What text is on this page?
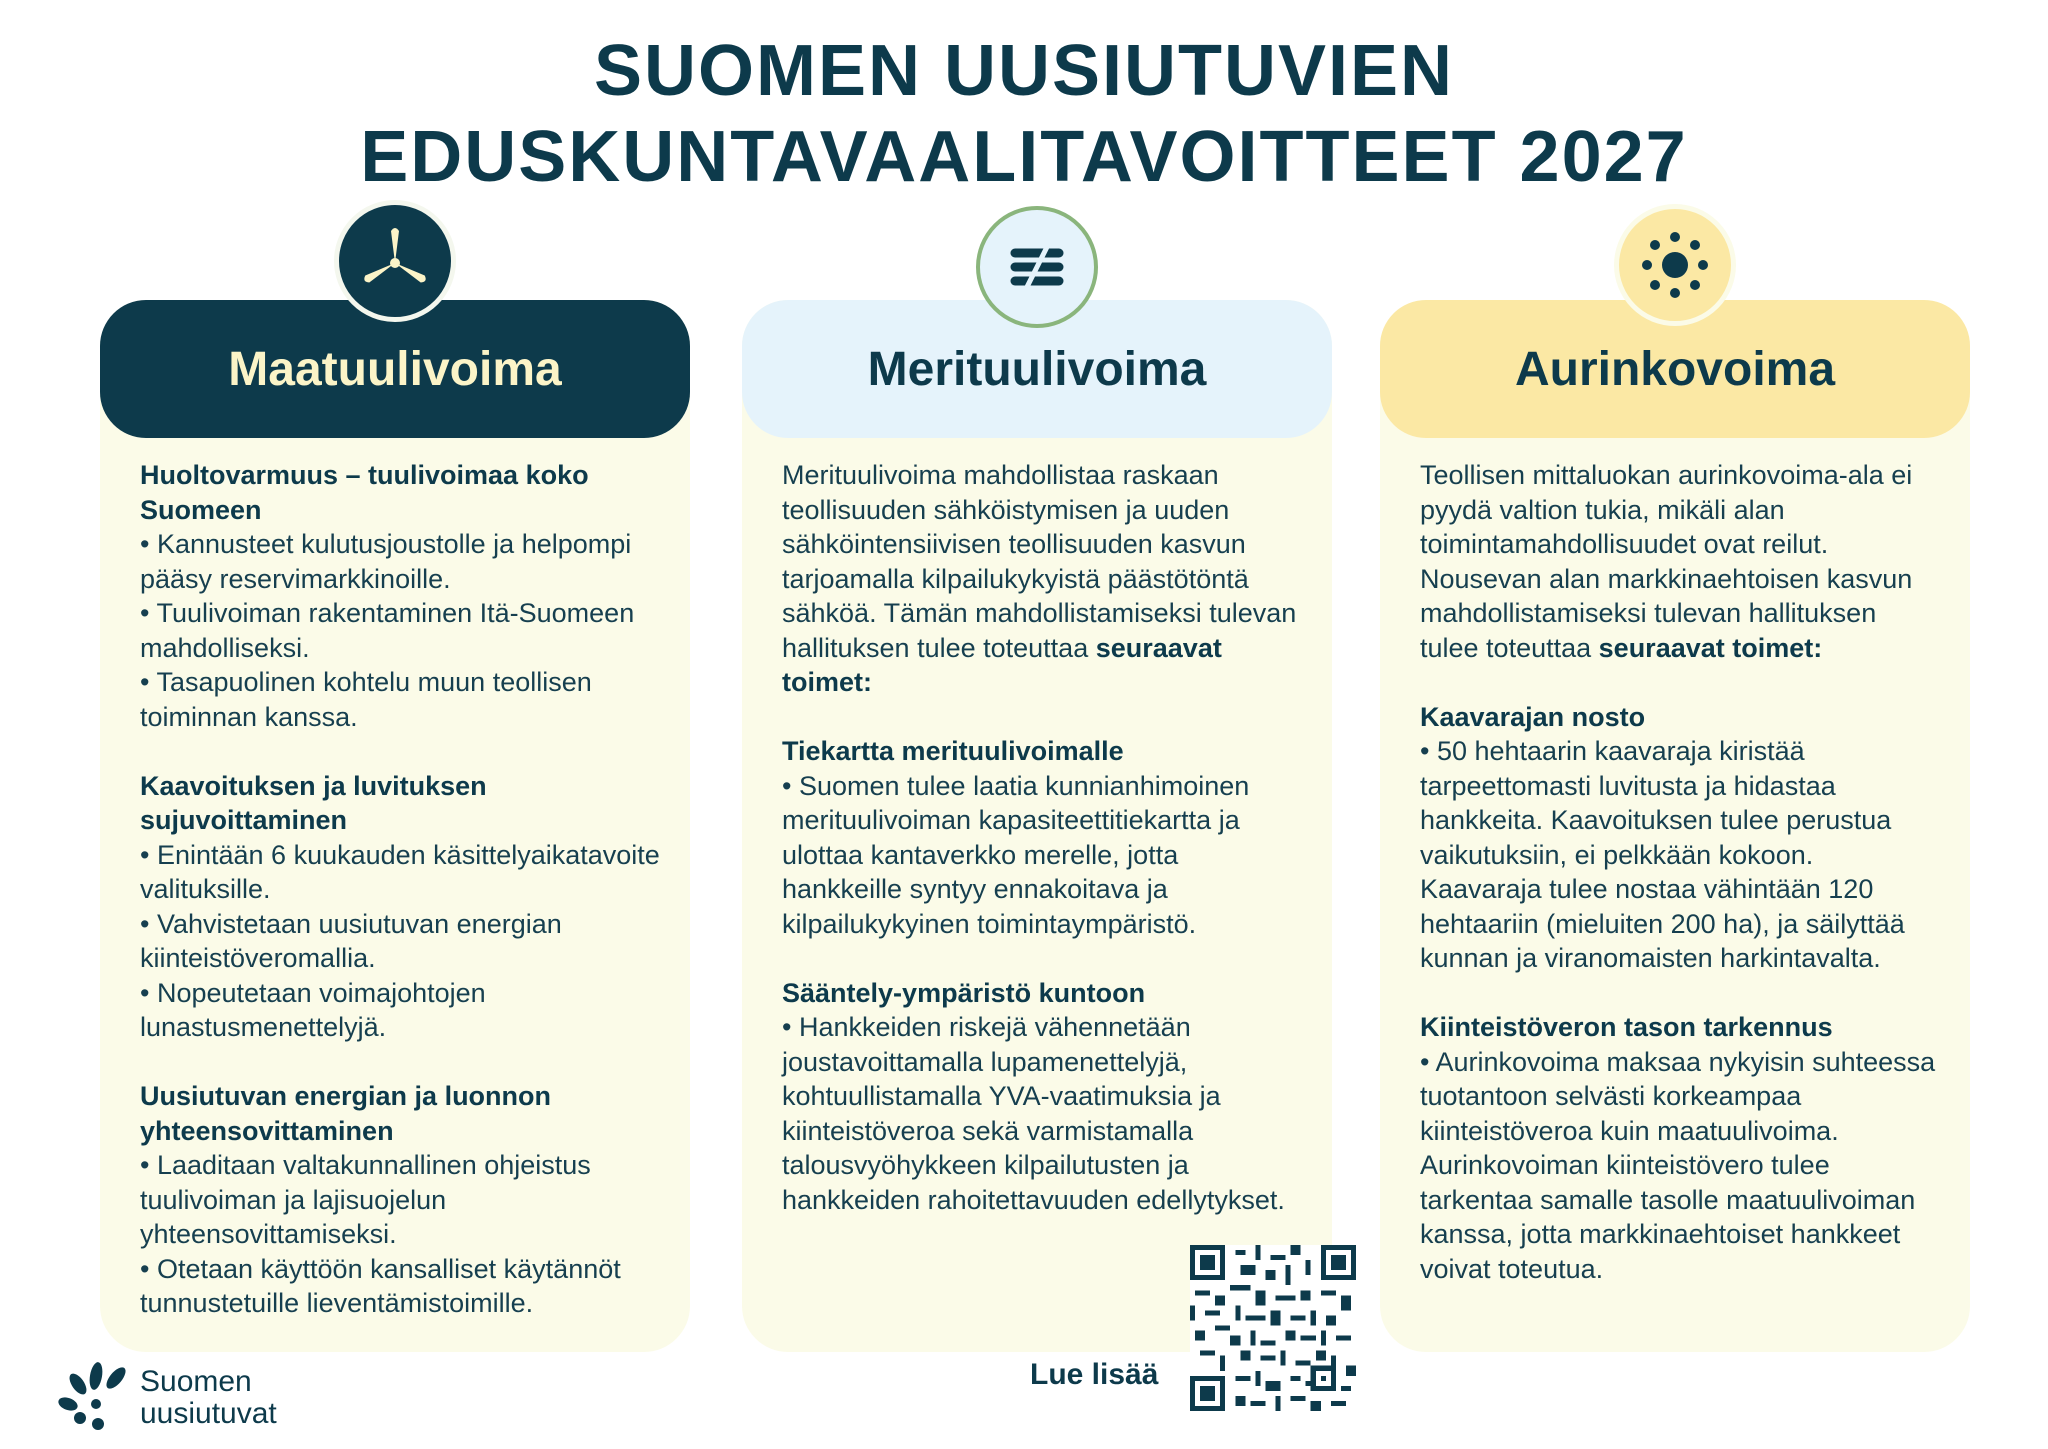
SUOMEN UUSIUTUVIEN
EDUSKUNTAVAALITAVOITTEET 2027
Maatuulivoima

Huoltovarmuus – tuulivoimaa koko Suomeen
• Kannusteet kulutusjoustolle ja helpompi pääsy reservimarkkinoille.
• Tuulivoiman rakentaminen Itä-Suomeen mahdolliseksi.
• Tasapuolinen kohtelu muun teollisen toiminnan kanssa.

Kaavoituksen ja luvituksen sujuvoittaminen
• Enintään 6 kuukauden käsittelyaikatavoite valituksille.
• Vahvistetaan uusiutuvan energian kiinteistöveromallia.
• Nopeutetaan voimajohtojen lunastusmenettelyjä.

Uusiutuvan energian ja luonnon yhteensovittaminen
• Laaditaan valtakunnallinen ohjeistus tuulivoiman ja lajisuojelun yhteensovittamiseksi.
• Otetaan käyttöön kansalliset käytännöt tunnustetuille lieventämistoimille.

Merituulivoima

Merituulivoima mahdollistaa raskaan teollisuuden sähköistymisen ja uuden sähköintensiivisen teollisuuden kasvun tarjoamalla kilpailukykyistä päästötöntä sähköä. Tämän mahdollistamiseksi tulevan hallituksen tulee toteuttaa seuraavat toimet:

Tiekartta merituulivoimalle
• Suomen tulee laatia kunnianhimoinen merituulivoiman kapasiteettitiekartta ja ulottaa kantaverkko merelle, jotta hankkeille syntyy ennakoitava ja kilpailukykyinen toimintaympäristö.

Sääntely-ympäristö kuntoon
• Hankkeiden riskejä vähennetään joustavoittamalla lupamenettelyjä, kohtuullistamalla YVA-vaatimuksia ja kiinteistöveroa sekä varmistamalla talousvyöhykkeen kilpailutusten ja hankkeiden rahoitettavuuden edellytykset.

Aurinkovoima

Teollisen mittaluokan aurinkovoima-ala ei pyydä valtion tukia, mikäli alan toimintamahdollisuudet ovat reilut. Nousevan alan markkinaehtoisen kasvun mahdollistamiseksi tulevan hallituksen tulee toteuttaa seuraavat toimet:

Kaavarajan nosto
• 50 hehtaarin kaavaraja kiristää tarpeettomasti luvitusta ja hidastaa hankkeita. Kaavoituksen tulee perustua vaikutuksiin, ei pelkkään kokoon. Kaavaraja tulee nostaa vähintään 120 hehtaariin (mieluiten 200 ha), ja säilyttää kunnan ja viranomaisten harkintavalta.

Kiinteistöveron tason tarkennus
• Aurinkovoima maksaa nykyisin suhteessa tuotantoon selvästi korkeampaa kiinteistöveroa kuin maatuulivoima. Aurinkovoiman kiinteistövero tulee tarkentaa samalle tasolle maatuulivoiman kanssa, jotta markkinaehtoiset hankkeet voivat toteutua.

Suomen
uusiutuvat
Lue lisää
